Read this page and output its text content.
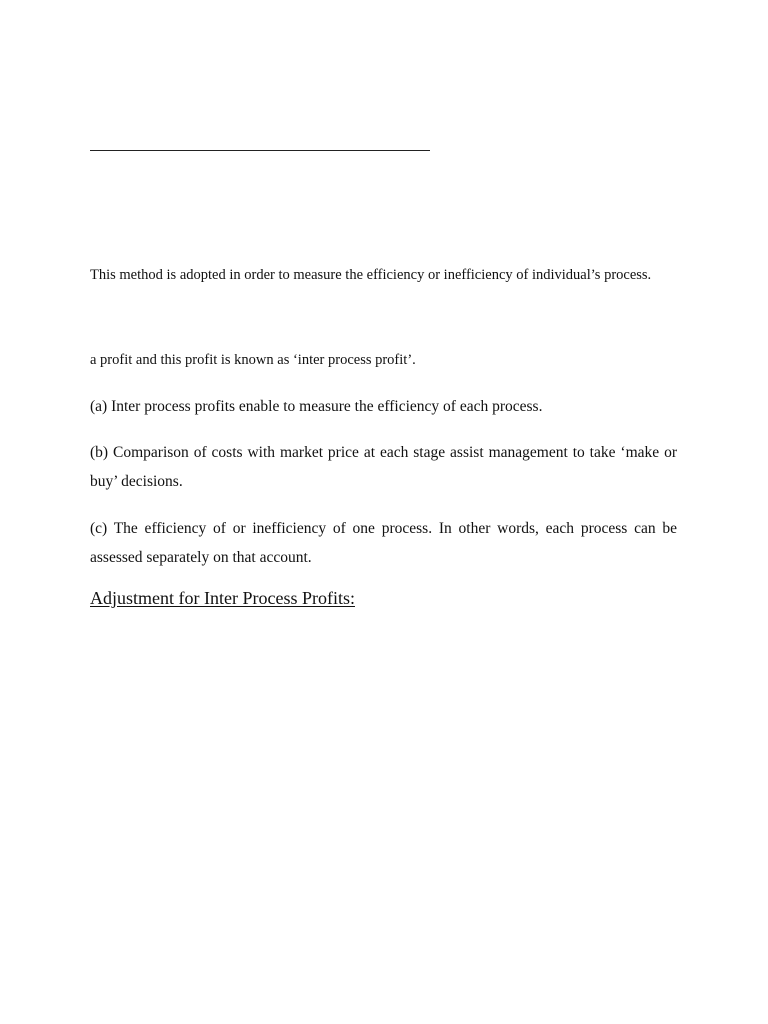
This method is adopted in order to measure the efficiency or inefficiency of individual’s process.

a profit and this profit is known as ‘inter process profit’.

(a) Inter process profits enable to measure the efficiency of each process.

(b) Comparison of costs with market price at each stage assist management to take ‘make or buy’ decisions.

(c) The efficiency of or inefficiency of one process. In other words, each process can be assessed separately on that account.

Adjustment for Inter Process Profits:
